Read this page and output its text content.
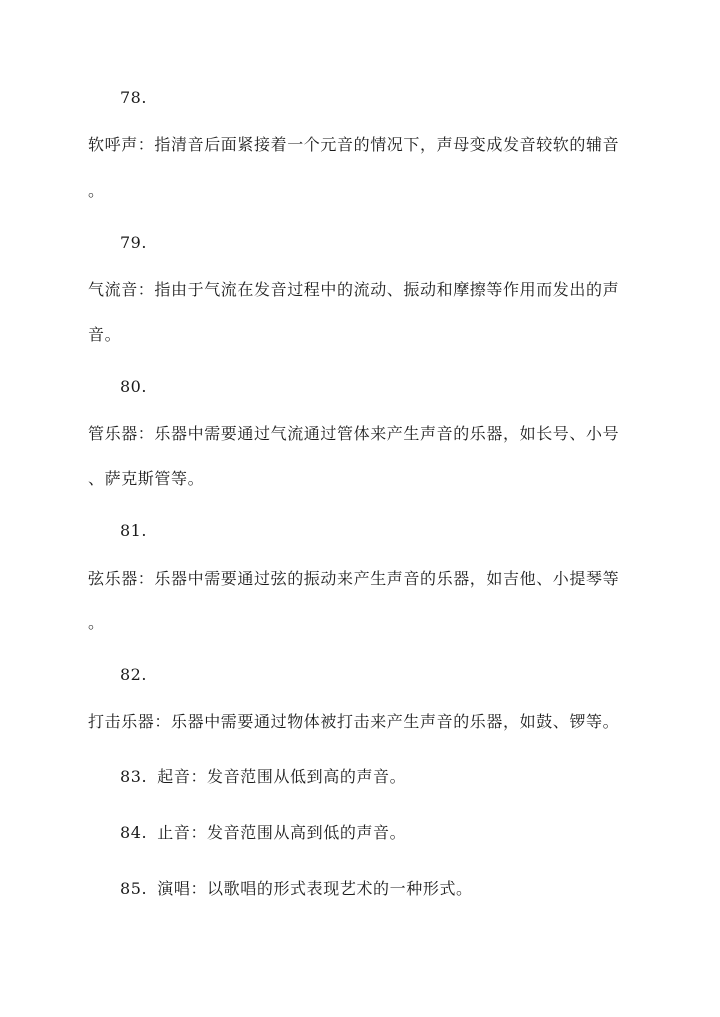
78.
软呼声：指清音后面紧接着一个元音的情况下，声母变成发音较软的辅音
。
79.
气流音：指由于气流在发音过程中的流动、振动和摩擦等作用而发出的声
音。
80.
管乐器：乐器中需要通过气流通过管体来产生声音的乐器，如长号、小号
、萨克斯管等。
81.
弦乐器：乐器中需要通过弦的振动来产生声音的乐器，如吉他、小提琴等
。
82.
打击乐器：乐器中需要通过物体被打击来产生声音的乐器，如鼓、锣等。
83. 起音：发音范围从低到高的声音。
84. 止音：发音范围从高到低的声音。
85. 演唱：以歌唱的形式表现艺术的一种形式。
